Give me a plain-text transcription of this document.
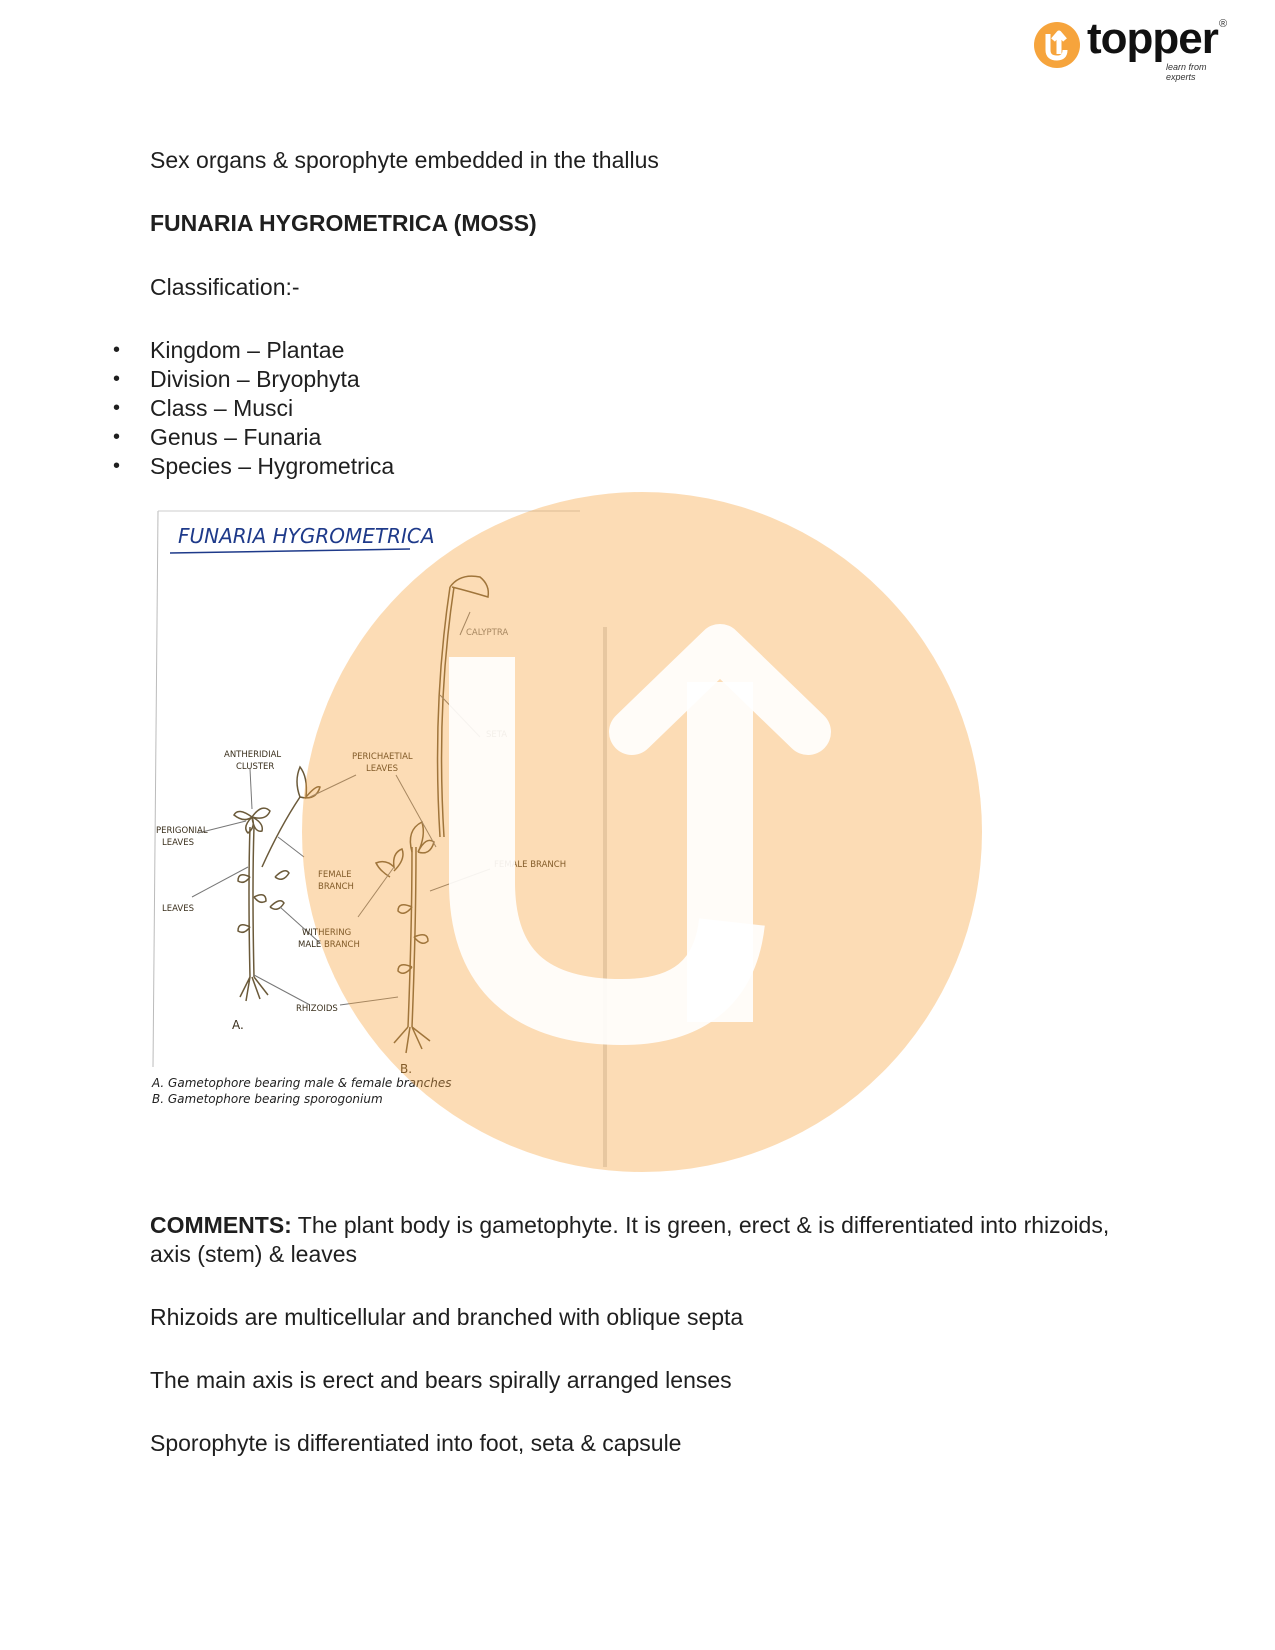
topper ®
learn from experts

Sex organs & sporophyte embedded in the thallus

FUNARIA HYGROMETRICA (MOSS)

Classification:-

• Kingdom – Plantae
• Division – Bryophyta
• Class – Musci
• Genus – Funaria
• Species – Hygrometrica
FUNARIA HYGROMETRICA
CALYPTRA
SETA
ANTHERIDIAL
CLUSTER
PERICHAETIAL
LEAVES
PERIGONIAL
LEAVES
FEMALE
BRANCH
FEMALE BRANCH
LEAVES
WITHERING
MALE BRANCH
RHIZOIDS
A.
B.
A. Gametophore bearing male & female branches
B. Gametophore bearing sporogonium

COMMENTS: The plant body is gametophyte. It is green, erect & is differentiated into rhizoids, axis (stem) & leaves

Rhizoids are multicellular and branched with oblique septa

The main axis is erect and bears spirally arranged lenses

Sporophyte is differentiated into foot, seta & capsule
